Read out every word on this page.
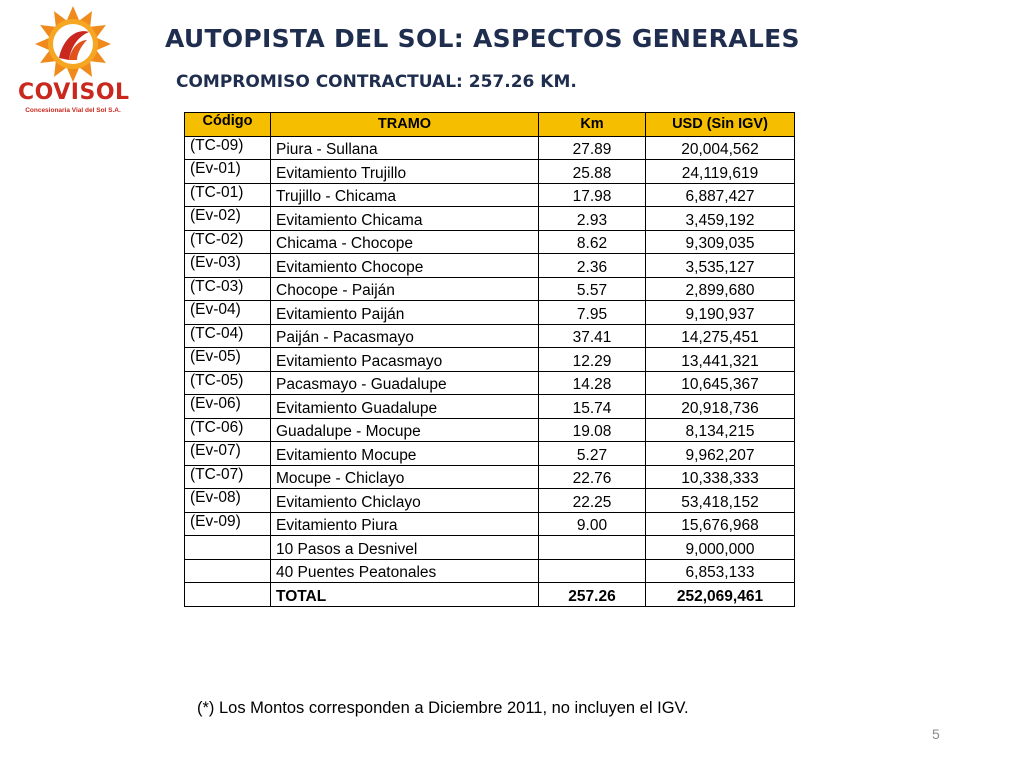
COVISOL
Concesionaria Vial del Sol S.A.
AUTOPISTA DEL SOL: ASPECTOS GENERALES
COMPROMISO CONTRACTUAL: 257.26 KM.
Código	TRAMO	Km	USD (Sin IGV)
(TC-09)	Piura - Sullana	27.89	20,004,562
(Ev-01)	Evitamiento Trujillo	25.88	24,119,619
(TC-01)	Trujillo - Chicama	17.98	6,887,427
(Ev-02)	Evitamiento Chicama	2.93	3,459,192
(TC-02)	Chicama - Chocope	8.62	9,309,035
(Ev-03)	Evitamiento Chocope	2.36	3,535,127
(TC-03)	Chocope - Paiján	5.57	2,899,680
(Ev-04)	Evitamiento Paiján	7.95	9,190,937
(TC-04)	Paiján - Pacasmayo	37.41	14,275,451
(Ev-05)	Evitamiento Pacasmayo	12.29	13,441,321
(TC-05)	Pacasmayo - Guadalupe	14.28	10,645,367
(Ev-06)	Evitamiento Guadalupe	15.74	20,918,736
(TC-06)	Guadalupe - Mocupe	19.08	8,134,215
(Ev-07)	Evitamiento Mocupe	5.27	9,962,207
(TC-07)	Mocupe - Chiclayo	22.76	10,338,333
(Ev-08)	Evitamiento Chiclayo	22.25	53,418,152
(Ev-09)	Evitamiento Piura	9.00	15,676,968
	10 Pasos a Desnivel		9,000,000
	40 Puentes Peatonales		6,853,133
	TOTAL	257.26	252,069,461
(*) Los Montos corresponden a Diciembre 2011, no incluyen el IGV.
5
